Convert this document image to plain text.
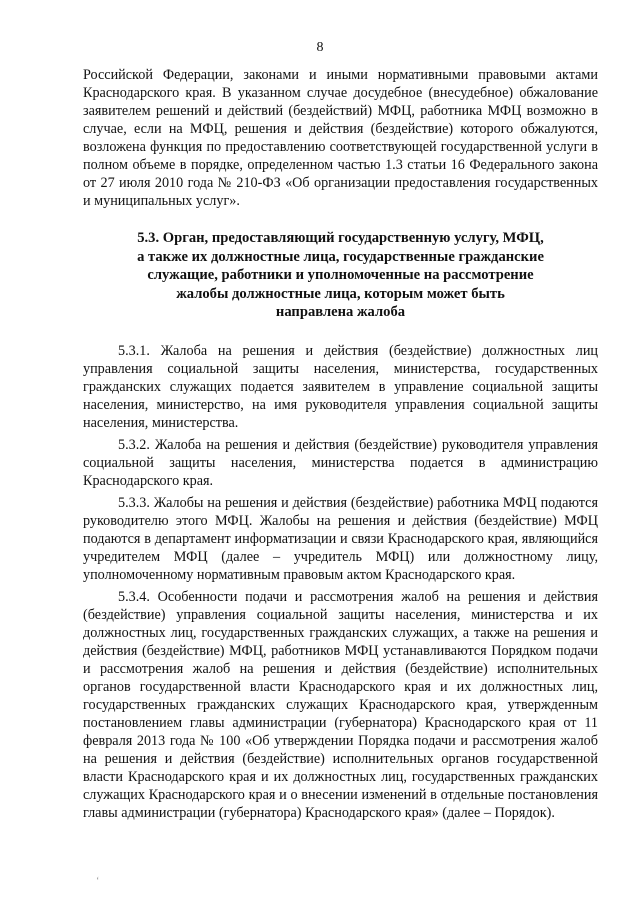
8

Российской Федерации, законами и иными нормативными правовыми актами Краснодарского края. В указанном случае досудебное (внесудебное) обжалование заявителем решений и действий (бездействий) МФЦ, работника МФЦ возможно в случае, если на МФЦ, решения и действия (бездействие) которого обжалуются, возложена функция по предоставлению соответствующей государственной услуги в полном объеме в порядке, определенном частью 1.3 статьи 16 Федерального закона от 27 июля 2010 года № 210-ФЗ «Об организации предоставления государственных и муниципальных услуг».

5.3. Орган, предоставляющий государственную услугу, МФЦ,
а также их должностные лица, государственные гражданские
служащие, работники и уполномоченные на рассмотрение
жалобы должностные лица, которым может быть
направлена жалоба

5.3.1. Жалоба на решения и действия (бездействие) должностных лиц управления социальной защиты населения, министерства, государственных гражданских служащих подается заявителем в управление социальной защиты населения, министерство, на имя руководителя управления социальной защиты населения, министерства.

5.3.2. Жалоба на решения и действия (бездействие) руководителя управления социальной защиты населения, министерства подается в администрацию Краснодарского края.

5.3.3. Жалобы на решения и действия (бездействие) работника МФЦ подаются руководителю этого МФЦ. Жалобы на решения и действия (бездействие) МФЦ подаются в департамент информатизации и связи Краснодарского края, являющийся учредителем МФЦ (далее – учредитель МФЦ) или должностному лицу, уполномоченному нормативным правовым актом Краснодарского края.

5.3.4. Особенности подачи и рассмотрения жалоб на решения и действия (бездействие) управления социальной защиты населения, министерства и их должностных лиц, государственных гражданских служащих, а также на решения и действия (бездействие) МФЦ, работников МФЦ устанавливаются Порядком подачи и рассмотрения жалоб на решения и действия (бездействие) исполнительных органов государственной власти Краснодарского края и их должностных лиц, государственных гражданских служащих Краснодарского края, утвержденным постановлением главы администрации (губернатора) Краснодарского края от 11 февраля 2013 года № 100 «Об утверждении Порядка подачи и рассмотрения жалоб на решения и действия (бездействие) исполнительных органов государственной власти Краснодарского края и их должностных лиц, государственных гражданских служащих Краснодарского края и о внесении изменений в отдельные постановления главы администрации (губернатора) Краснодарского края» (далее – Порядок).

‘
